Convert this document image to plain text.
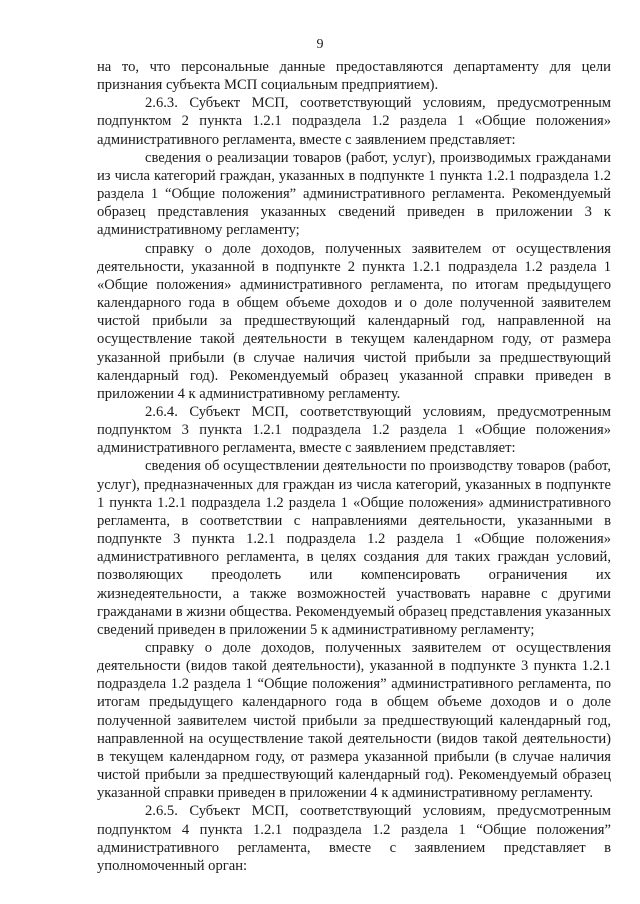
9

на то, что персональные данные предоставляются департаменту для цели признания субъекта МСП социальным предприятием).

2.6.3. Субъект МСП, соответствующий условиям, предусмотренным подпунктом 2 пункта 1.2.1 подраздела 1.2 раздела 1 «Общие положения» административного регламента, вместе с заявлением представляет:

сведения о реализации товаров (работ, услуг), производимых гражданами из числа категорий граждан, указанных в подпункте 1 пункта 1.2.1 подраздела 1.2 раздела 1 “Общие положения” административного регламента. Рекомендуемый образец представления указанных сведений приведен в приложении 3 к административному регламенту;

справку о доле доходов, полученных заявителем от осуществления деятельности, указанной в подпункте 2 пункта 1.2.1 подраздела 1.2 раздела 1 «Общие положения» административного регламента, по итогам предыдущего календарного года в общем объеме доходов и о доле полученной заявителем чистой прибыли за предшествующий календарный год, направленной на осуществление такой деятельности в текущем календарном году, от размера указанной прибыли (в случае наличия чистой прибыли за предшествующий календарный год). Рекомендуемый образец указанной справки приведен в приложении 4 к административному регламенту.

2.6.4. Субъект МСП, соответствующий условиям, предусмотренным подпунктом 3 пункта 1.2.1 подраздела 1.2 раздела 1 «Общие положения» административного регламента, вместе с заявлением представляет:

сведения об осуществлении деятельности по производству товаров (работ, услуг), предназначенных для граждан из числа категорий, указанных в подпункте 1 пункта 1.2.1 подраздела 1.2 раздела 1 «Общие положения» административного регламента, в соответствии с направлениями деятельности, указанными в подпункте 3 пункта 1.2.1 подраздела 1.2 раздела 1 «Общие положения» административного регламента, в целях создания для таких граждан условий, позволяющих преодолеть или компенсировать ограничения их жизнедеятельности, а также возможностей участвовать наравне с другими гражданами в жизни общества. Рекомендуемый образец представления указанных сведений приведен в приложении 5 к административному регламенту;

справку о доле доходов, полученных заявителем от осуществления деятельности (видов такой деятельности), указанной в подпункте 3 пункта 1.2.1 подраздела 1.2 раздела 1 “Общие положения” административного регламента, по итогам предыдущего календарного года в общем объеме доходов и о доле полученной заявителем чистой прибыли за предшествующий календарный год, направленной на осуществление такой деятельности (видов такой деятельности) в текущем календарном году, от размера указанной прибыли (в случае наличия чистой прибыли за предшествующий календарный год). Рекомендуемый образец указанной справки приведен в приложении 4 к административному регламенту.

2.6.5. Субъект МСП, соответствующий условиям, предусмотренным подпунктом 4 пункта 1.2.1 подраздела 1.2 раздела 1 “Общие положения” административного регламента, вместе с заявлением представляет в уполномоченный орган:
